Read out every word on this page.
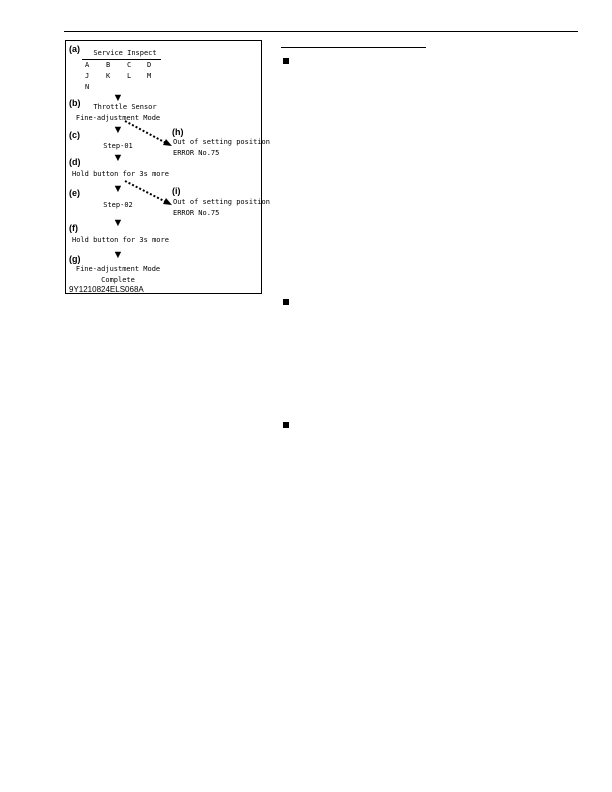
(a) Service Inspect
A B C D
J K L M
N
▼
(b) Throttle Sensor
Fine-adjustment Mode
▼
(c)
Step-01
(h)
Out of setting position
ERROR No.75
▼
(d)
Hold button for 3s more
▼
(e)
Step-02
(i)
Out of setting position
ERROR No.75
▼
(f)
Hold button for 3s more
▼
(g)
Fine-adjustment Mode
Complete
9Y1210824ELS068A
